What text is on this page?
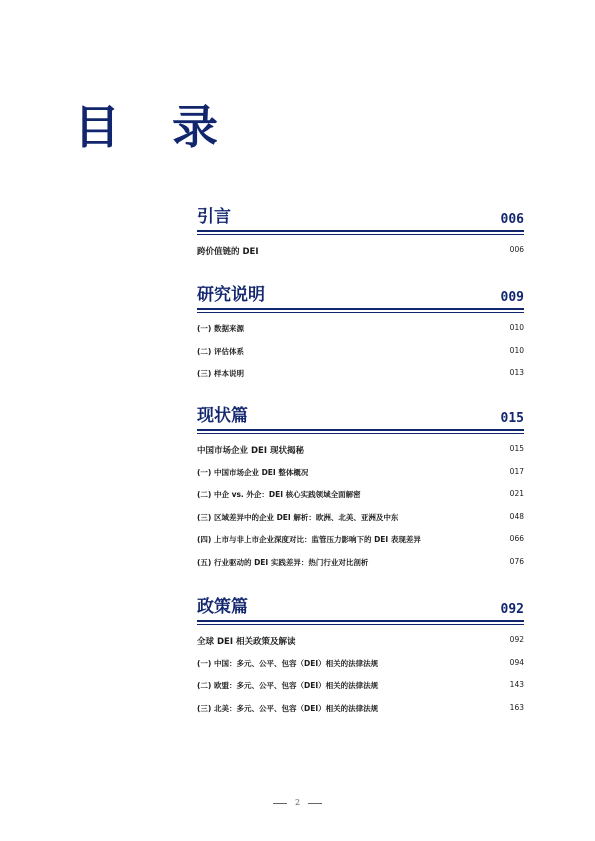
目 录
引言	006
跨价值链的 DEI	006
研究说明	009
(一) 数据来源	010
(二) 评估体系	010
(三) 样本说明	013
现状篇	015
中国市场企业 DEI 现状揭秘	015
(一) 中国市场企业 DEI 整体概况	017
(二) 中企 vs. 外企：DEI 核心实践领域全面解密	021
(三) 区域差异中的企业 DEI 解析：欧洲、北美、亚洲及中东	048
(四) 上市与非上市企业深度对比：监管压力影响下的 DEI 表现差异	066
(五) 行业驱动的 DEI 实践差异：热门行业对比剖析	076
政策篇	092
全球 DEI 相关政策及解读	092
(一) 中国：多元、公平、包容（DEI）相关的法律法规	094
(二) 欧盟：多元、公平、包容（DEI）相关的法律法规	143
(三) 北美：多元、公平、包容（DEI）相关的法律法规	163
2
